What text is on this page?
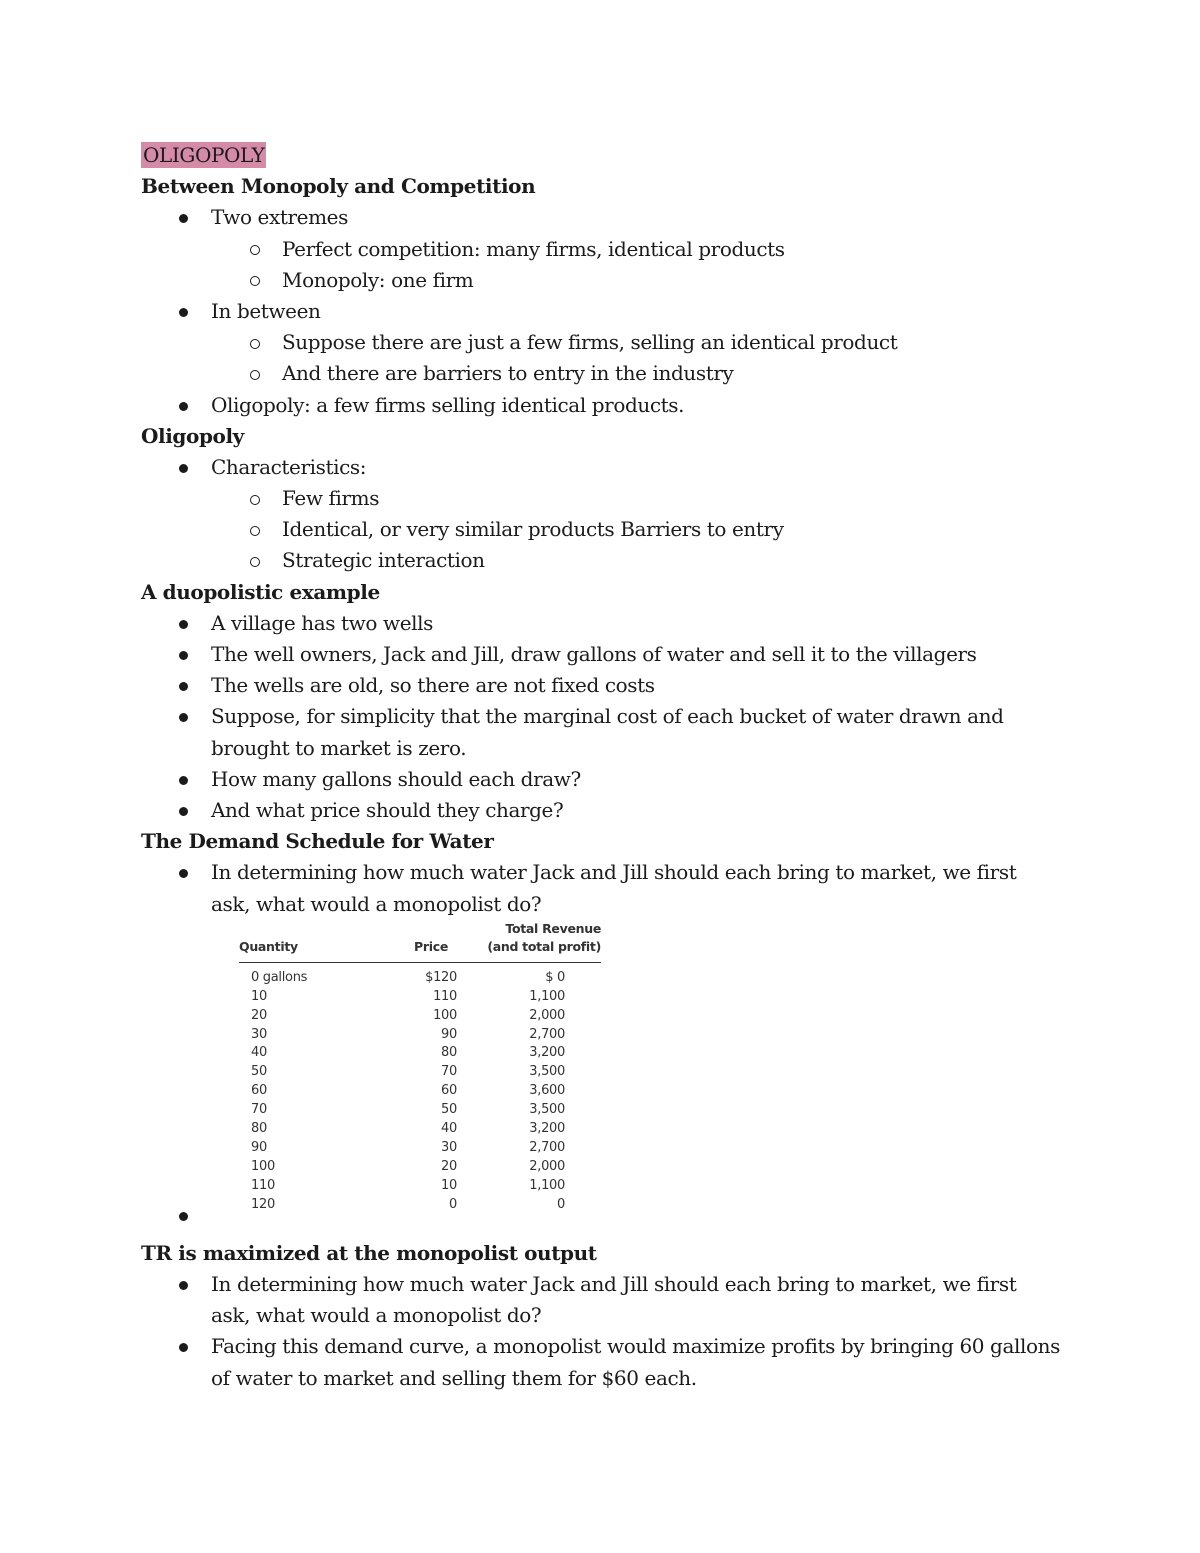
OLIGOPOLY
Between Monopoly and Competition
Two extremes
Perfect competition: many firms, identical products
Monopoly: one firm
In between
Suppose there are just a few firms, selling an identical product
And there are barriers to entry in the industry
Oligopoly: a few firms selling identical products.
Oligopoly
Characteristics:
Few firms
Identical, or very similar products Barriers to entry
Strategic interaction
A duopolistic example
A village has two wells
The well owners, Jack and Jill, draw gallons of water and sell it to the villagers
The wells are old, so there are not fixed costs
Suppose, for simplicity that the marginal cost of each bucket of water drawn and brought to market is zero.
How many gallons should each draw?
And what price should they charge?
The Demand Schedule for Water
In determining how much water Jack and Jill should each bring to market, we first ask, what would a monopolist do?
Quantity	Price	Total Revenue
(and total profit)
0 gallons	$120	$ 0
10	110	1,100
20	100	2,000
30	90	2,700
40	80	3,200
50	70	3,500
60	60	3,600
70	50	3,500
80	40	3,200
90	30	2,700
100	20	2,000
110	10	1,100
120	0	0
TR is maximized at the monopolist output
In determining how much water Jack and Jill should each bring to market, we first ask, what would a monopolist do?
Facing this demand curve, a monopolist would maximize profits by bringing 60 gallons of water to market and selling them for $60 each.
